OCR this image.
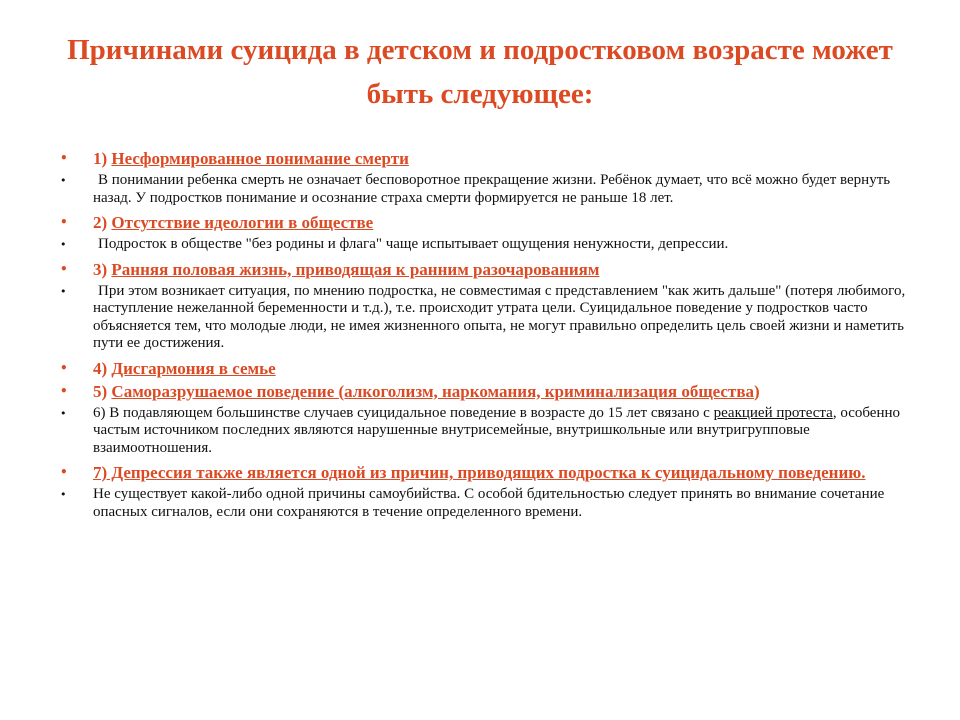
Причинами суицида в детском и подростковом возрасте может быть следующее:
• 1) Несформированное понимание смерти
• В понимании ребенка смерть не означает бесповоротное прекращение жизни. Ребёнок думает, что всё можно будет вернуть назад. У подростков понимание и осознание страха смерти формируется не раньше 18 лет.
• 2) Отсутствие идеологии в обществе
• Подросток в обществе "без родины и флага" чаще испытывает ощущения ненужности, депрессии.
• 3) Ранняя половая жизнь, приводящая к ранним разочарованиям
• При этом возникает ситуация, по мнению подростка, не совместимая с представлением "как жить дальше" (потеря любимого, наступление нежеланной беременности и т.д.), т.е. происходит утрата цели. Суицидальное поведение у подростков часто объясняется тем, что молодые люди, не имея жизненного опыта, не могут правильно определить цель своей жизни и наметить пути ее достижения.
• 4) Дисгармония в семье
• 5) Саморазрушаемое поведение (алкоголизм, наркомания, криминализация общества)
• 6) В подавляющем большинстве случаев суицидальное поведение в возрасте до 15 лет связано с реакцией протеста, особенно частым источником последних являются нарушенные внутрисемейные, внутришкольные или внутригрупповые взаимоотношения.
• 7) Депрессия также является одной из причин, приводящих подростка к суицидальному поведению.
• Не существует какой-либо одной причины самоубийства. С особой бдительностью следует принять во внимание сочетание опасных сигналов, если они сохраняются в течение определенного времени.
